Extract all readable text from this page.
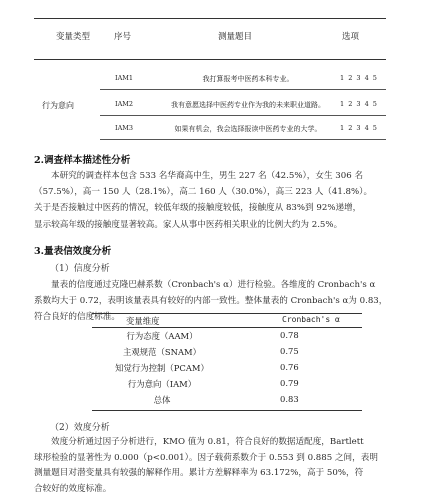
变量类型	序号	测量题目	选项
行为意向
IAM1	我打算报考中医药本科专业。	1 2 3 4 5
IAM2	我有意愿选择中医药专业作为我的未来职业道路。	1 2 3 4 5
IAM3	如果有机会，我会选择报读中医药专业的大学。	1 2 3 4 5
2.调查样本描述性分析
本研究的调查样本包含 533 名华裔高中生，男生 227 名（42.5%），女生 306 名
（57.5%），高一 150 人（28.1%），高二 160 人（30.0%），高三 223 人（41.8%）。
关于是否接触过中医药的情况，较低年级的接触度较低，接触度从 83%到 92%递增，
显示较高年级的接触度显著较高。家人从事中医药相关职业的比例大约为 2.5%。
3.量表信效度分析
（1）信度分析
量表的信度通过克隆巴赫系数（Cronbach's α）进行检验。各维度的 Cronbach's α
系数均大于 0.72，表明该量表具有较好的内部一致性。整体量表的 Cronbach's α为 0.83，
符合良好的信度标准。 变量维度	Cronbach's α
行为态度（AAM）	0.78
主观规范（SNAM）	0.75
知觉行为控制（PCAM）	0.76
行为意向（IAM）	0.79
总体	0.83
（2）效度分析
效度分析通过因子分析进行，KMO 值为 0.81，符合良好的数据适配度，Bartlett
球形检验的显著性为 0.000（p<0.001）。因子载荷系数介于 0.553 到 0.885 之间，表明
测量题目对潜变量具有较强的解释作用。累计方差解释率为 63.172%，高于 50%，符
合较好的效度标准。
